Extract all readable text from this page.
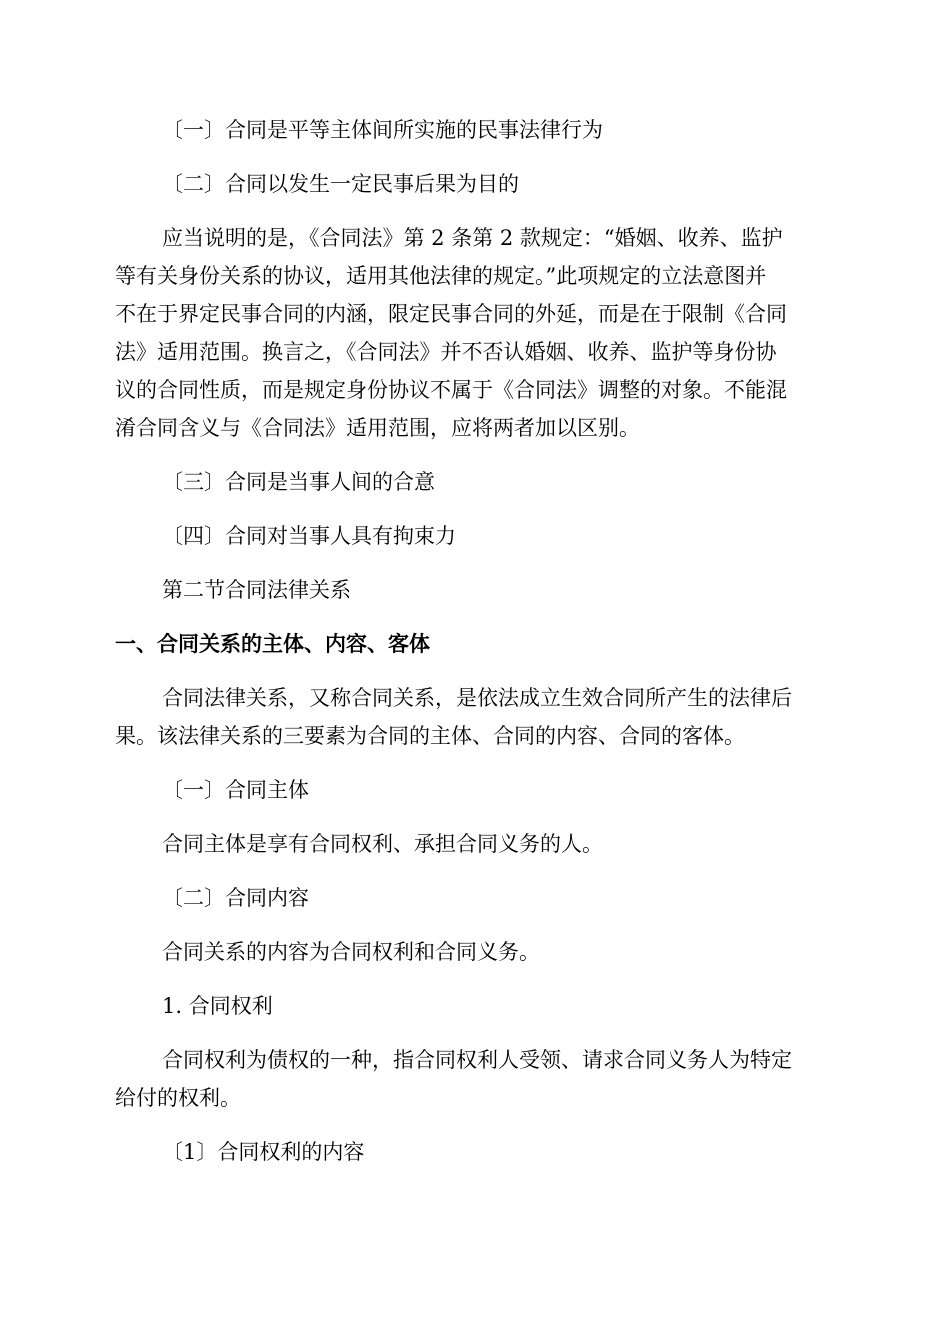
〔一〕合同是平等主体间所实施的民事法律行为

〔二〕合同以发生一定民事后果为目的

应当说明的是，《合同法》第 2 条第 2 款规定：“婚姻、收养、监护

等有关身份关系的协议，适用其他法律的规定。”此项规定的立法意图并

不在于界定民事合同的内涵，限定民事合同的外延，而是在于限制《合同

法》适用范围。换言之，《合同法》并不否认婚姻、收养、监护等身份协

议的合同性质，而是规定身份协议不属于《合同法》调整的对象。不能混

淆合同含义与《合同法》适用范围，应将两者加以区别。

〔三〕合同是当事人间的合意

〔四〕合同对当事人具有拘束力

第二节合同法律关系

一、合同关系的主体、内容、客体

合同法律关系，又称合同关系，是依法成立生效合同所产生的法律后

果。该法律关系的三要素为合同的主体、合同的内容、合同的客体。

〔一〕合同主体

合同主体是享有合同权利、承担合同义务的人。

〔二〕合同内容

合同关系的内容为合同权利和合同义务。

1. 合同权利

合同权利为债权的一种，指合同权利人受领、请求合同义务人为特定

给付的权利。

〔1〕合同权利的内容
